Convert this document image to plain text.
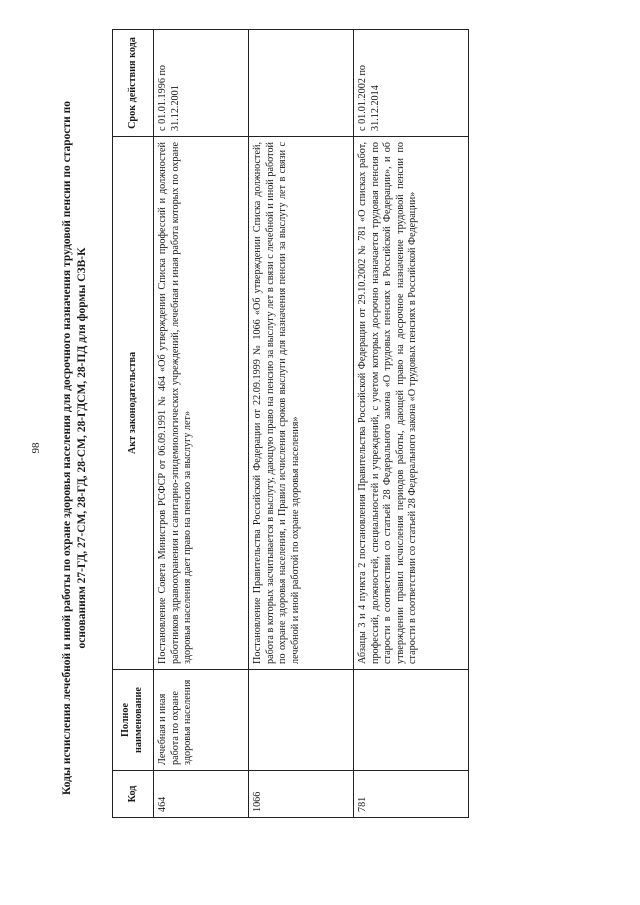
98 Коды исчисления лечебной и иной работы по охране здоровья населения для досрочного назначения трудовой пенсии по старости по основаниям 27-ГД, 27-СМ, 28-ГД, 28-СМ, 28-ГДСМ, 28-ПД для формы СЗВ-К
Код	Полное наименование	Акт законодательства	Срок действия кода
464	Лечебная и иная работа по охране здоровья населения	Постановление Совета Министров РСФСР от 06.09.1991 № 464 «Об утверждении Списка профессий и должностей работников здравоохранения и санитарно-эпидемиологических учреждений, лечебная и иная работа которых по охране здоровья населения дает право на пенсию за выслугу лет»	с 01.01.1996 по 31.12.2001
1066		Постановление Правительства Российской Федерации от 22.09.1999 № 1066 «Об утверждении Списка должностей, работа в которых засчитывается в выслугу, дающую право на пенсию за выслугу лет в связи с лечебной и иной работой по охране здоровья населения, и Правил исчисления сроков выслуги для назначения пенсии за выслугу лет в связи с лечебной и иной работой по охране здоровья населения»	
781		Абзацы 3 и 4 пункта 2 постановления Правительства Российской Федерации от 29.10.2002 № 781 «О списках работ, профессий, должностей, специальностей и учреждений, с учетом которых досрочно назначается трудовая пенсия по старости в соответствии со статьей 28 Федерального закона «О трудовых пенсиях в Российской Федерации», и об утверждении правил исчисления периодов работы, дающей право на досрочное назначение трудовой пенсии по старости в соответствии со статьей 28 Федерального закона «О трудовых пенсиях в Российской Федерации»	с 01.01.2002 по 31.12.2014
